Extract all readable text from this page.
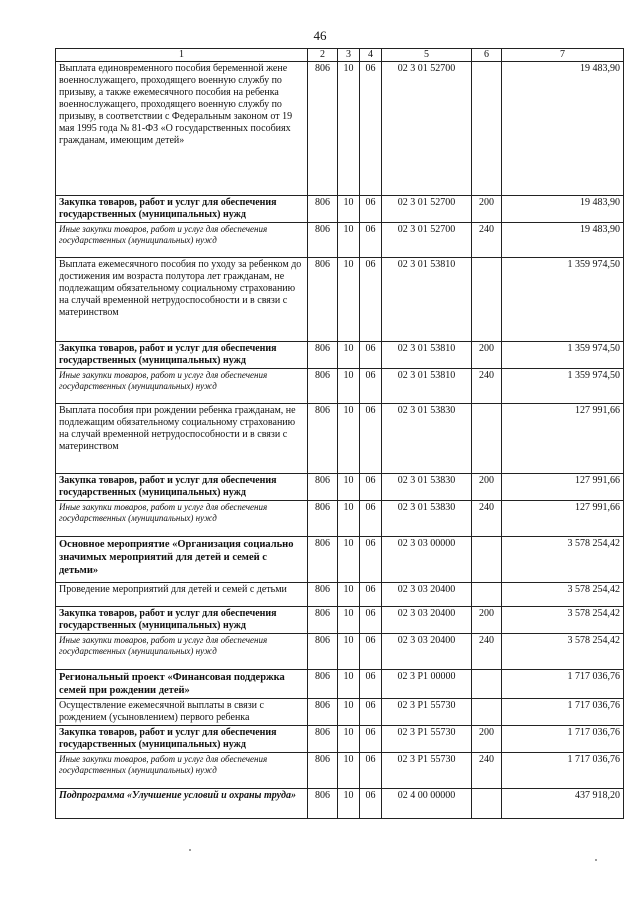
46
1	2	3	4	5	6	7
Выплата единовременного пособия беременной жене военнослужащего, проходящего военную службу по призыву, а также ежемесячного пособия на ребенка военнослужащего, проходящего военную службу по призыву, в соответствии с Федеральным законом от 19 мая 1995 года № 81-ФЗ «О государственных пособиях гражданам, имеющим детей»	806	10	06	02 3 01 52700		19 483,90
Закупка товаров, работ и услуг для обеспечения государственных (муниципальных) нужд	806	10	06	02 3 01 52700	200	19 483,90
Иные закупки товаров, работ и услуг для обеспечения государственных (муниципальных) нужд	806	10	06	02 3 01 52700	240	19 483,90
Выплата ежемесячного пособия по уходу за ребенком до достижения им возраста полутора лет гражданам, не подлежащим обязательному социальному страхованию на случай временной нетрудоспособности и в связи с материнством	806	10	06	02 3 01 53810		1 359 974,50
Закупка товаров, работ и услуг для обеспечения государственных (муниципальных) нужд	806	10	06	02 3 01 53810	200	1 359 974,50
Иные закупки товаров, работ и услуг для обеспечения государственных (муниципальных) нужд	806	10	06	02 3 01 53810	240	1 359 974,50
Выплата пособия при рождении ребенка гражданам, не подлежащим обязательному социальному страхованию на случай временной нетрудоспособности и в связи с материнством	806	10	06	02 3 01 53830		127 991,66
Закупка товаров, работ и услуг для обеспечения государственных (муниципальных) нужд	806	10	06	02 3 01 53830	200	127 991,66
Иные закупки товаров, работ и услуг для обеспечения государственных (муниципальных) нужд	806	10	06	02 3 01 53830	240	127 991,66
Основное мероприятие «Организация социально значимых мероприятий для детей и семей с детьми»	806	10	06	02 3 03 00000		3 578 254,42
Проведение мероприятий для детей и семей с детьми	806	10	06	02 3 03 20400		3 578 254,42
Закупка товаров, работ и услуг для обеспечения государственных (муниципальных) нужд	806	10	06	02 3 03 20400	200	3 578 254,42
Иные закупки товаров, работ и услуг для обеспечения государственных (муниципальных) нужд	806	10	06	02 3 03 20400	240	3 578 254,42
Региональный проект «Финансовая поддержка семей при рождении детей»	806	10	06	02 3 P1 00000		1 717 036,76
Осуществление ежемесячной выплаты в связи с рождением (усыновлением) первого ребенка	806	10	06	02 3 P1 55730		1 717 036,76
Закупка товаров, работ и услуг для обеспечения государственных (муниципальных) нужд	806	10	06	02 3 P1 55730	200	1 717 036,76
Иные закупки товаров, работ и услуг для обеспечения государственных (муниципальных) нужд	806	10	06	02 3 P1 55730	240	1 717 036,76
Подпрограмма «Улучшение условий и охраны труда»	806	10	06	02 4 00 00000		437 918,20
